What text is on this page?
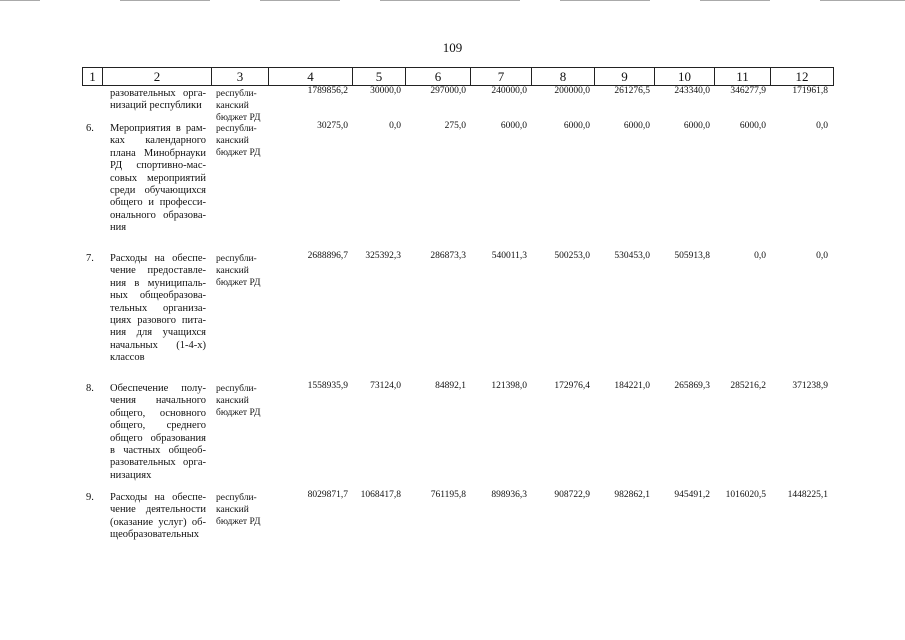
109
1	2	3	4	5	6	7	8	9	10	11	12
разовательных орга-
низаций республики
республи-
канский
бюджет РД
1789856,2	30000,0	297000,0	240000,0	200000,0	261276,5	243340,0	346277,9	171961,8
6. Мероприятия в рам-
ках календарного
плана Минобрнауки
РД спортивно-мас-
совых мероприятий
среди обучающихся
общего и професси-
онального образова-
ния
республи-
канский
бюджет РД
30275,0	0,0	275,0	6000,0	6000,0	6000,0	6000,0	6000,0	0,0
7. Расходы на обеспе-
чение предоставле-
ния в муниципаль-
ных общеобразова-
тельных организа-
циях разового пита-
ния для учащихся
начальных (1-4-х)
классов
республи-
канский
бюджет РД
2688896,7	325392,3	286873,3	540011,3	500253,0	530453,0	505913,8	0,0	0,0
8. Обеспечение полу-
чения начального
общего, основного
общего, среднего
общего образования
в частных общеоб-
разовательных орга-
низациях
республи-
канский
бюджет РД
1558935,9	73124,0	84892,1	121398,0	172976,4	184221,0	265869,3	285216,2	371238,9
9. Расходы на обеспе-
чение деятельности
(оказание услуг) об-
щеобразовательных
республи-
канский
бюджет РД
8029871,7	1068417,8	761195,8	898936,3	908722,9	982862,1	945491,2	1016020,5	1448225,1
